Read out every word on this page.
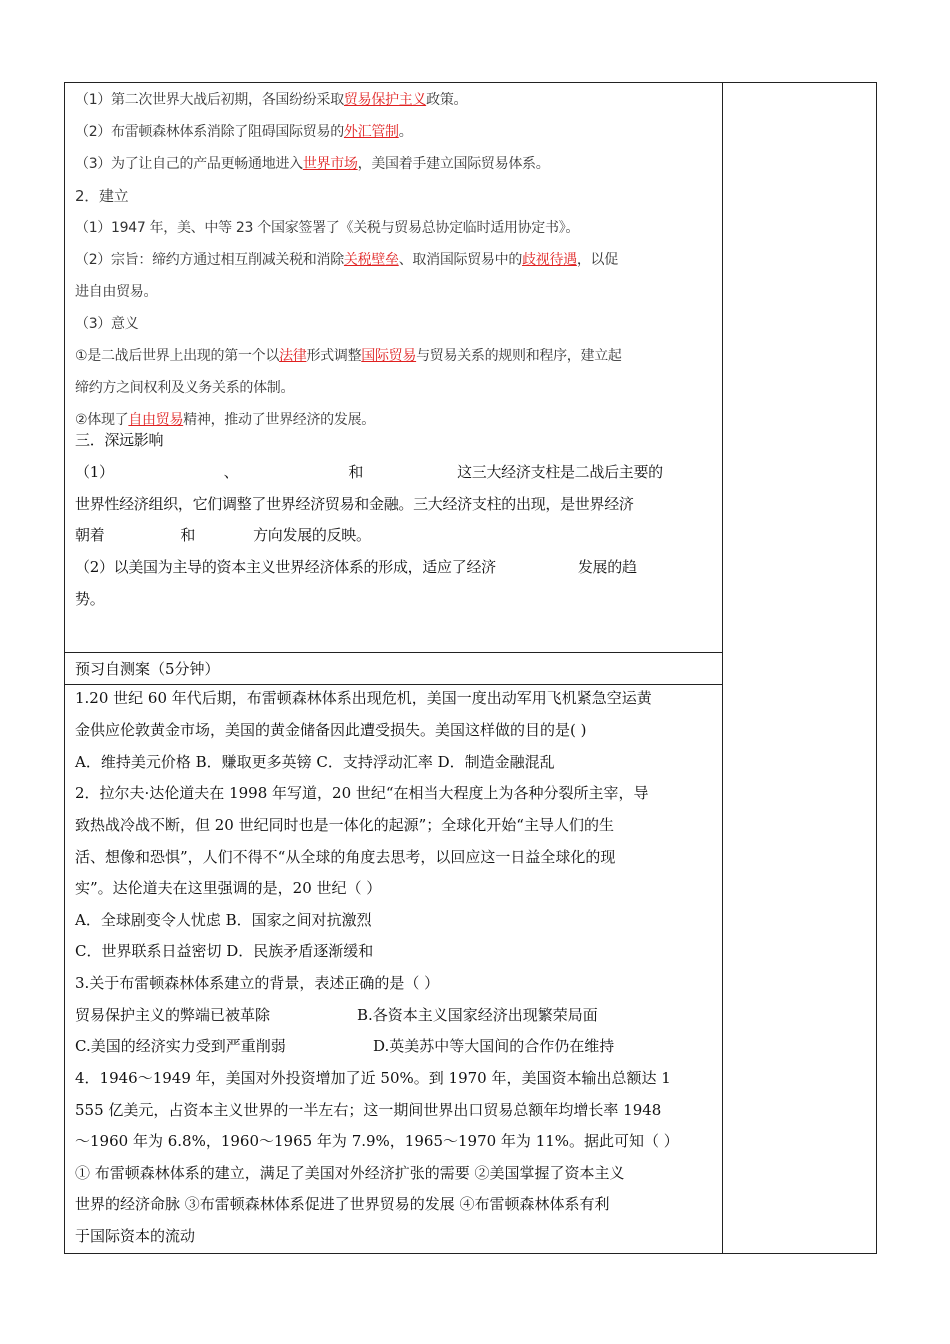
（1）第二次世界大战后初期，各国纷纷采取贸易保护主义政策。
（2）布雷顿森林体系消除了阻碍国际贸易的外汇管制。
（3）为了让自己的产品更畅通地进入世界市场，美国着手建立国际贸易体系。
2．建立
（1）1947 年，美、中等 23 个国家签署了《关税与贸易总协定临时适用协定书》。
（2）宗旨：缔约方通过相互削减关税和消除关税壁垒、取消国际贸易中的歧视待遇，以促
进自由贸易。
（3）意义
①是二战后世界上出现的第一个以法律形式调整国际贸易与贸易关系的规则和程序，建立起
缔约方之间权利及义务关系的体制。
②体现了自由贸易精神，推动了世界经济的发展。
三．深远影响
（1）	、	和	这三大经济支柱是二战后主要的
世界性经济组织，它们调整了世界经济贸易和金融。三大经济支柱的出现，是世界经济
朝着	和	方向发展的反映。
（2）以美国为主导的资本主义世界经济体系的形成，适应了经济	发展的趋
势。
预习自测案（5分钟）
1.20 世纪 60 年代后期，布雷顿森林体系出现危机，美国一度出动军用飞机紧急空运黄
金供应伦敦黄金市场，美国的黄金储备因此遭受损失。美国这样做的目的是( )
A．维持美元价格 B．赚取更多英镑 C．支持浮动汇率 D．制造金融混乱
2．拉尔夫·达伦道夫在 1998 年写道，20 世纪“在相当大程度上为各种分裂所主宰，导
致热战冷战不断，但 20 世纪同时也是一体化的起源”；全球化开始“主导人们的生
活、想像和恐惧”，人们不得不“从全球的角度去思考，以回应这一日益全球化的现
实”。达伦道夫在这里强调的是，20 世纪（ ）
A．全球剧变令人忧虑 B．国家之间对抗激烈
C．世界联系日益密切 D．民族矛盾逐渐缓和
3.关于布雷顿森林体系建立的背景，表述正确的是（ ）
贸易保护主义的弊端已被革除	B.各资本主义国家经济出现繁荣局面
C.美国的经济实力受到严重削弱	D.英美苏中等大国间的合作仍在维持
4．1946～1949 年，美国对外投资增加了近 50%。到 1970 年，美国资本输出总额达 1
555 亿美元，占资本主义世界的一半左右；这一期间世界出口贸易总额年均增长率 1948
～1960 年为 6.8%，1960～1965 年为 7.9%，1965～1970 年为 11%。据此可知（ ）
① 布雷顿森林体系的建立，满足了美国对外经济扩张的需要 ②美国掌握了资本主义
世界的经济命脉 ③布雷顿森林体系促进了世界贸易的发展 ④布雷顿森林体系有利
于国际资本的流动
